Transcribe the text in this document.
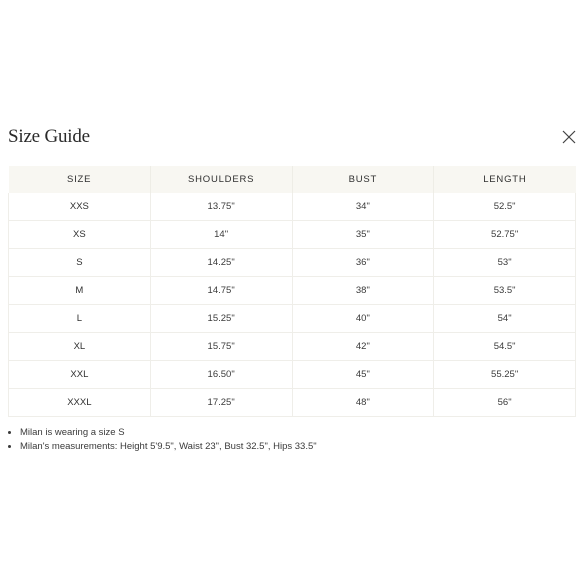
Size Guide
SIZE	SHOULDERS	BUST	LENGTH
XXS	13.75"	34"	52.5"
XS	14"	35"	52.75"
S	14.25"	36"	53"
M	14.75"	38"	53.5"
L	15.25"	40"	54"
XL	15.75"	42"	54.5"
XXL	16.50"	45"	55.25"
XXXL	17.25"	48"	56"
• Milan is wearing a size S
• Milan's measurements: Height 5'9.5", Waist 23", Bust 32.5", Hips 33.5"
